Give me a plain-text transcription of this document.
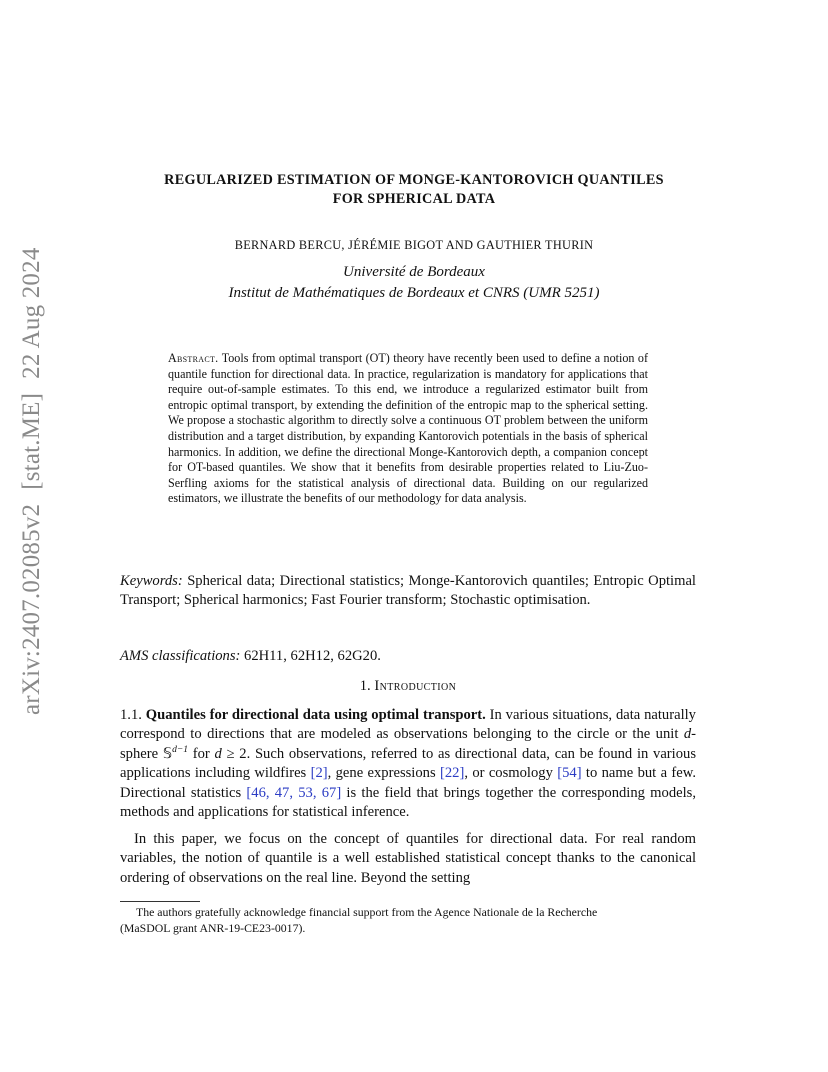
arXiv:2407.02085v2[stat.ME]22 Aug 2024
REGULARIZED ESTIMATION OF MONGE-KANTOROVICH QUANTILES
FOR SPHERICAL DATA
BERNARD BERCU, JÉRÉMIE BIGOT AND GAUTHIER THURIN
Université de Bordeaux
Institut de Mathématiques de Bordeaux et CNRS (UMR 5251)
Abstract. Tools from optimal transport (OT) theory have recently been used to define a notion of quantile function for directional data. In practice, regularization is mandatory for applications that require out-of-sample estimates. To this end, we introduce a regularized estimator built from entropic optimal transport, by extending the definition of the entropic map to the spherical setting. We propose a stochastic algorithm to directly solve a continuous OT problem between the uniform distribution and a target distribution, by expanding Kantorovich potentials in the basis of spherical harmonics. In addition, we define the directional Monge-Kantorovich depth, a companion concept for OT-based quantiles. We show that it benefits from desirable properties related to Liu-Zuo-Serfling axioms for the statistical analysis of directional data. Building on our regularized estimators, we illustrate the benefits of our methodology for data analysis.
Keywords: Spherical data; Directional statistics; Monge-Kantorovich quantiles; Entropic Optimal Transport; Spherical harmonics; Fast Fourier transform; Stochastic optimisation.
AMS classifications: 62H11, 62H12, 62G20.
1. Introduction
1.1. Quantiles for directional data using optimal transport. In various situations, data naturally correspond to directions that are modeled as observations belonging to the circle or the unit d-sphere 𝕊$^{d-1}$ for d ≥ 2. Such observations, referred to as directional data, can be found in various applications including wildfires [2], gene expressions [22], or cosmology [54] to name but a few. Directional statistics [46, 47, 53, 67] is the field that brings together the corresponding models, methods and applications for statistical inference.
In this paper, we focus on the concept of quantiles for directional data. For real random variables, the notion of quantile is a well established statistical concept thanks to the canonical ordering of observations on the real line. Beyond the setting
The authors gratefully acknowledge financial support from the Agence Nationale de la Recherche
(MaSDOL grant ANR-19-CE23-0017).
